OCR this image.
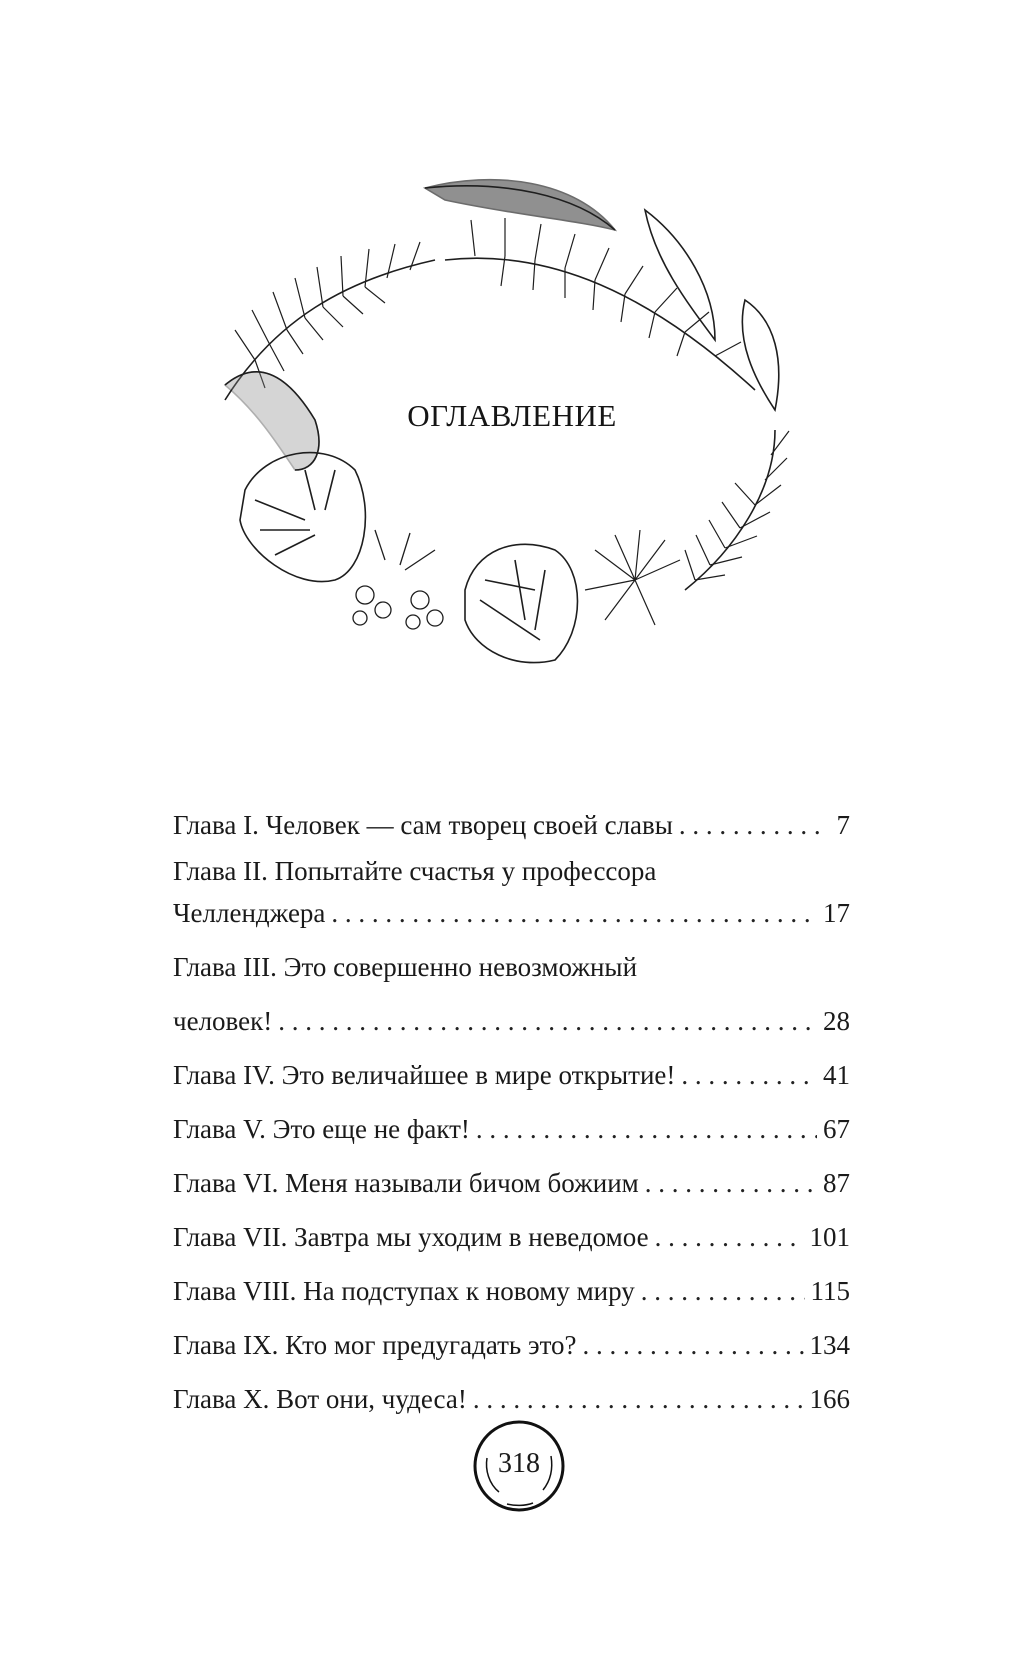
ОГЛАВЛЕНИЕ
Глава I. Человек — сам творец своей славы . . .	7
Глава II. Попытайте счастья у профессора
Челленджера . . .	17
Глава III. Это совершенно невозможный
человек! . . .	28
Глава IV. Это величайшее в мире открытие! . . .	41
Глава V. Это еще не факт! . . .	67
Глава VI. Меня называли бичом божиим . . .	87
Глава VII. Завтра мы уходим в неведомое . . .	101
Глава VIII. На подступах к новому миру . . .	115
Глава IX. Кто мог предугадать это? . . .	134
Глава X. Вот они, чудеса! . . .	166
318
